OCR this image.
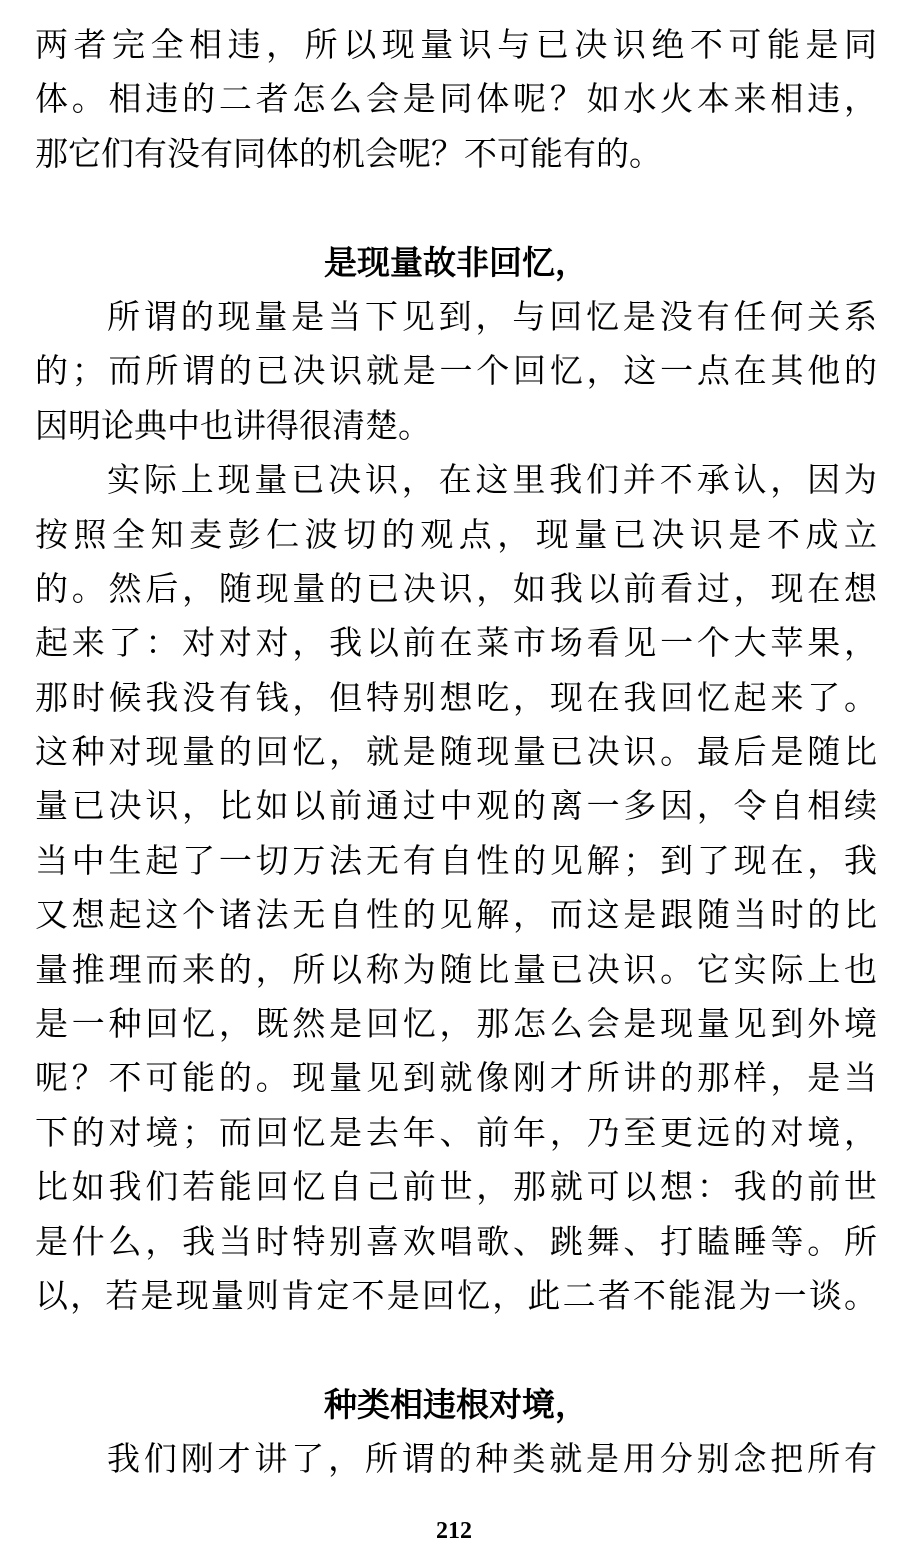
两者完全相违，所以现量识与已决识绝不可能是同
体。相违的二者怎么会是同体呢？如水火本来相违，
那它们有没有同体的机会呢？不可能有的。
是现量故非回忆，
所谓的现量是当下见到，与回忆是没有任何关系
的；而所谓的已决识就是一个回忆，这一点在其他的
因明论典中也讲得很清楚。
实际上现量已决识，在这里我们并不承认，因为
按照全知麦彭仁波切的观点，现量已决识是不成立
的。然后，随现量的已决识，如我以前看过，现在想
起来了：对对对，我以前在菜市场看见一个大苹果，
那时候我没有钱，但特别想吃，现在我回忆起来了。
这种对现量的回忆，就是随现量已决识。最后是随比
量已决识，比如以前通过中观的离一多因，令自相续
当中生起了一切万法无有自性的见解；到了现在，我
又想起这个诸法无自性的见解，而这是跟随当时的比
量推理而来的，所以称为随比量已决识。它实际上也
是一种回忆，既然是回忆，那怎么会是现量见到外境
呢？不可能的。现量见到就像刚才所讲的那样，是当
下的对境；而回忆是去年、前年，乃至更远的对境，
比如我们若能回忆自己前世，那就可以想：我的前世
是什么，我当时特别喜欢唱歌、跳舞、打瞌睡等。所
以，若是现量则肯定不是回忆，此二者不能混为一谈。
种类相违根对境，
我们刚才讲了，所谓的种类就是用分别念把所有
212
